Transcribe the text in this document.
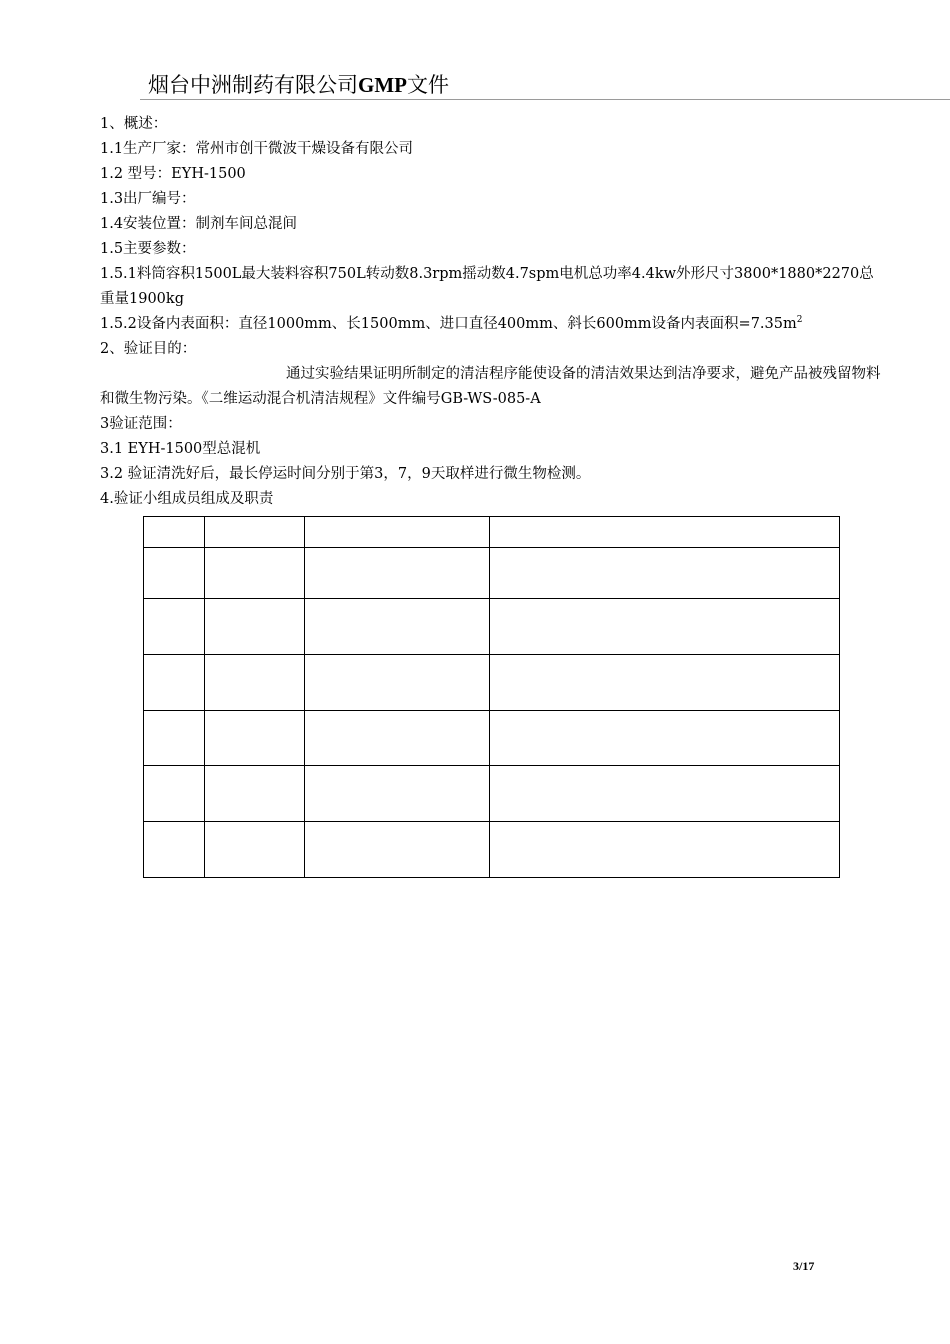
烟台中洲制药有限公司GMP文件
1、概述：
1.1生产厂家：常州市创干微波干燥设备有限公司
1.2 型号：EYH-1500
1.3出厂编号：
1.4安装位置：制剂车间总混间
1.5主要参数：
1.5.1料筒容积1500L最大装料容积750L转动数8.3rpm摇动数4.7spm电机总功率4.4kw外形尺寸3800*1880*2270总重量1900kg
1.5.2设备内表面积：直径1000mm、长1500mm、进口直径400mm、斜长600mm设备内表面积$=7.35m^2$
2、验证目的：
通过实验结果证明所制定的清洁程序能使设备的清洁效果达到洁净要求，避免产品被残留物料和微生物污染。《二维运动混合机清洁规程》文件编号GB-WS-085-A
3验证范围：
3.1 EYH-1500型总混机
3.2 验证清洗好后，最长停运时间分别于第3，7，9天取样进行微生物检测。
4.验证小组成员组成及职责

3/17
